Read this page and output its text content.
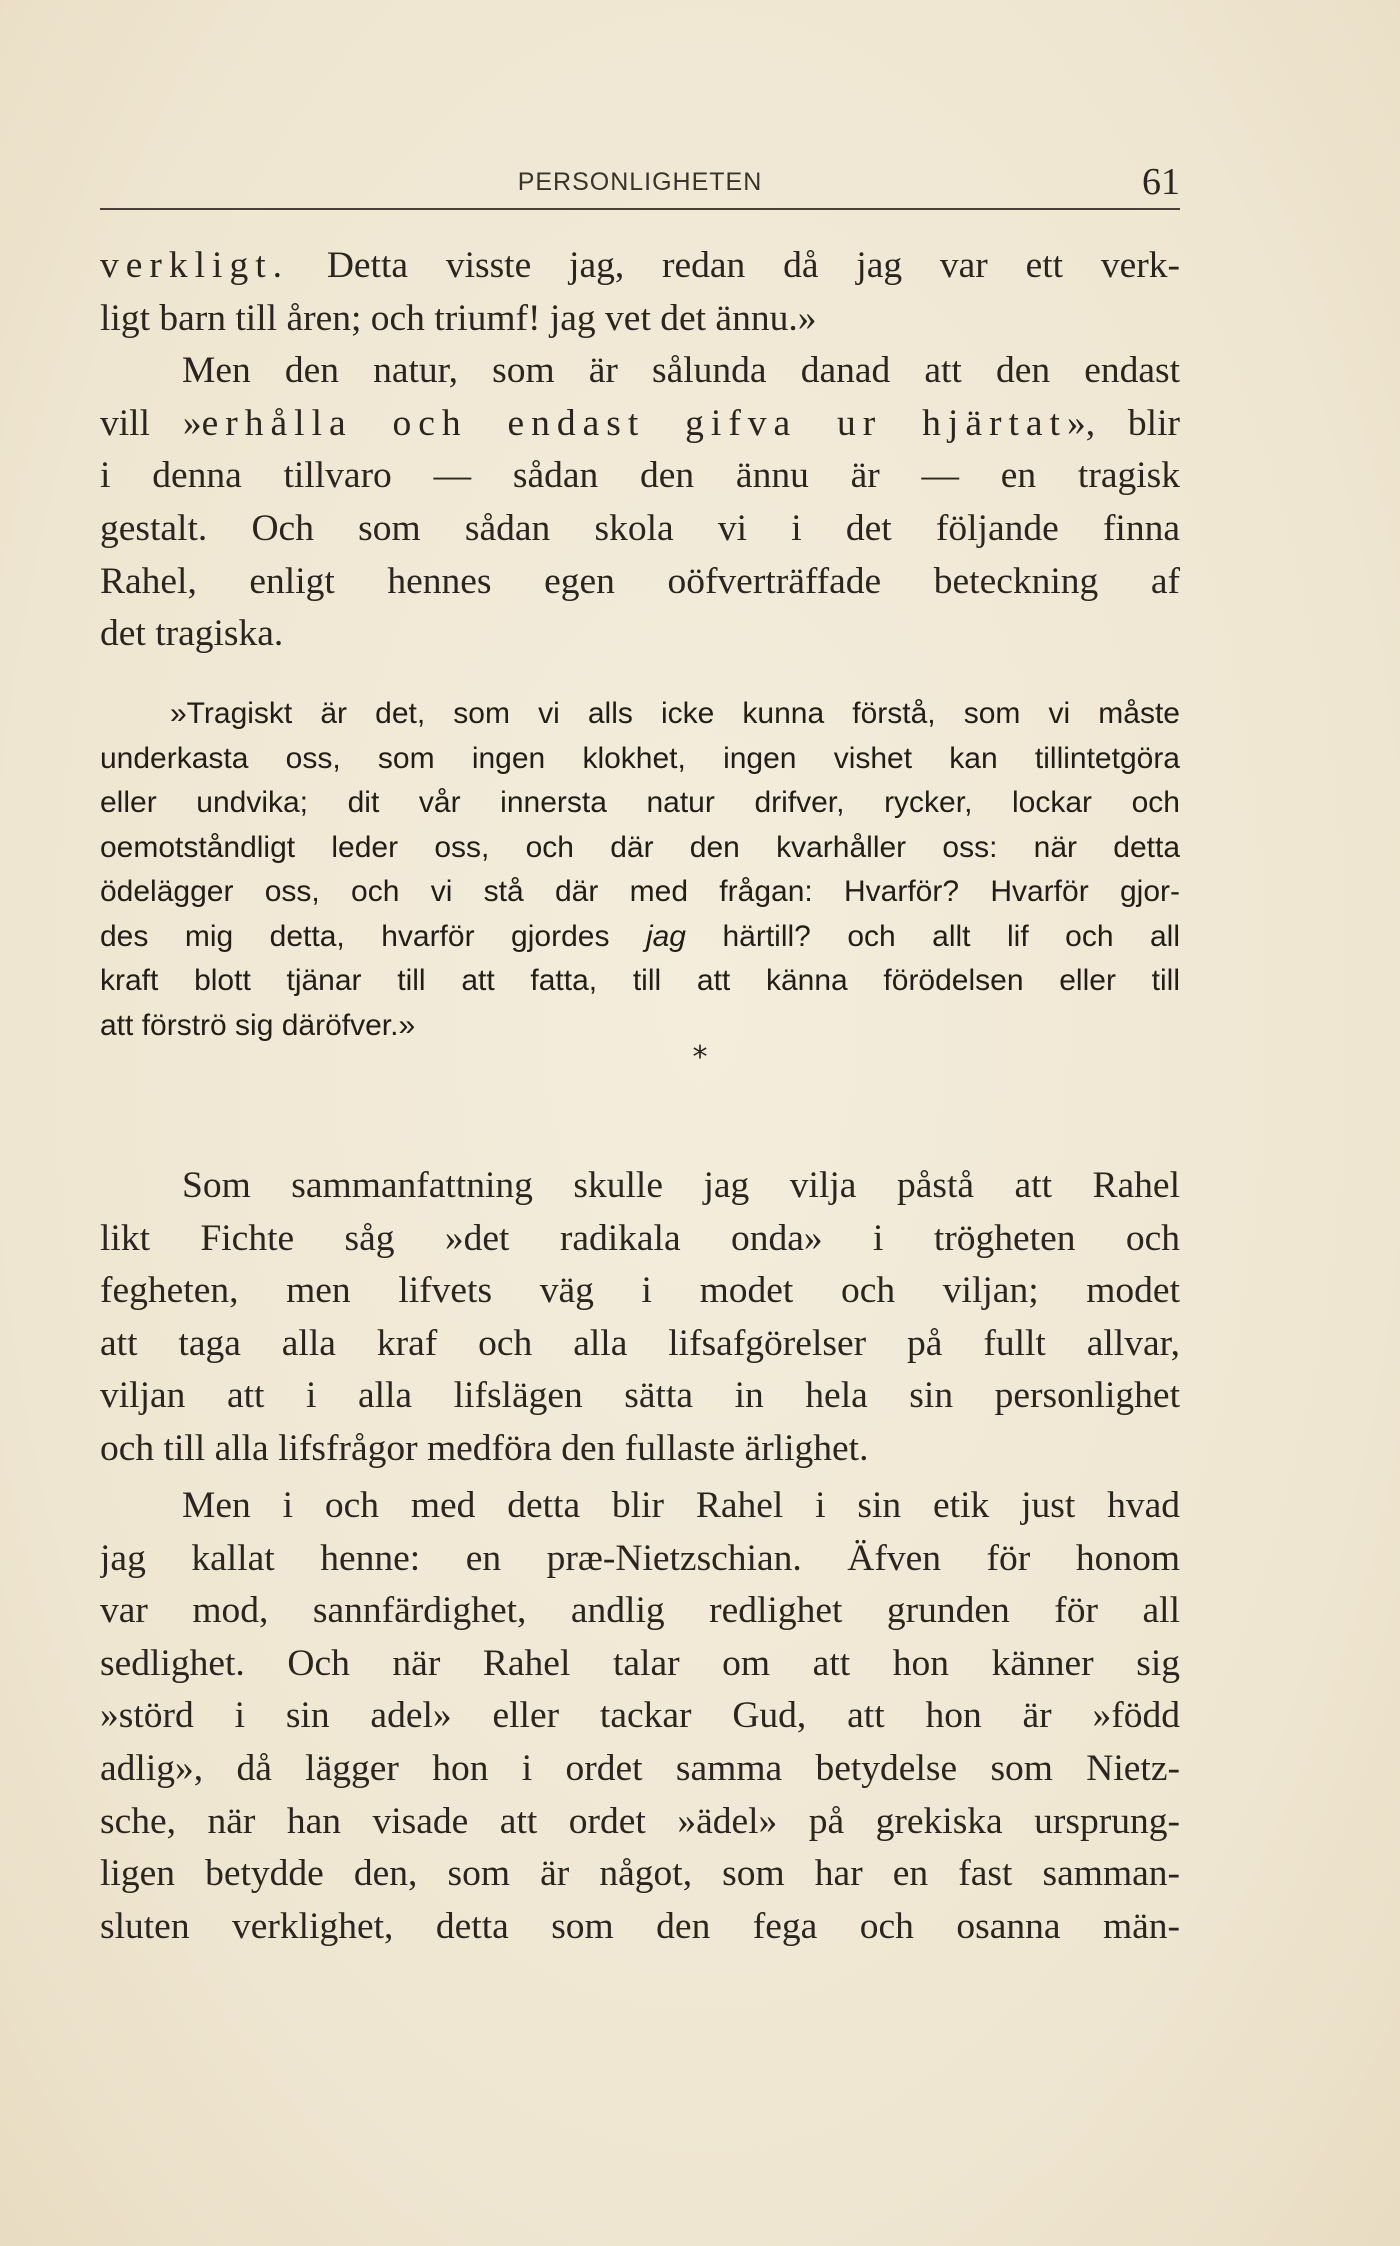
PERSONLIGHETEN	61
verkligt. Detta visste jag, redan då jag var ett verk-
ligt barn till åren; och triumf! jag vet det ännu.»
Men den natur, som är sålunda danad att den endast
vill »erhålla och endast gifva ur hjärtat», blir
i denna tillvaro — sådan den ännu är — en tragisk
gestalt. Och som sådan skola vi i det följande finna
Rahel, enligt hennes egen oöfverträffade beteckning af
det tragiska.
»Tragiskt är det, som vi alls icke kunna förstå, som vi måste
underkasta oss, som ingen klokhet, ingen vishet kan tillintetgöra
eller undvika; dit vår innersta natur drifver, rycker, lockar och
oemotståndligt leder oss, och där den kvarhåller oss: när detta
ödelägger oss, och vi stå där med frågan: Hvarför? Hvarför gjor-
des mig detta, hvarför gjordes jag härtill? och allt lif och all
kraft blott tjänar till att fatta, till att känna förödelsen eller till
att förströ sig däröfver.»
*
Som sammanfattning skulle jag vilja påstå att Rahel
likt Fichte såg »det radikala onda» i trögheten och
fegheten, men lifvets väg i modet och viljan; modet
att taga alla kraf och alla lifsafgörelser på fullt allvar,
viljan att i alla lifslägen sätta in hela sin personlighet
och till alla lifsfrågor medföra den fullaste ärlighet.
Men i och med detta blir Rahel i sin etik just hvad
jag kallat henne: en præ-Nietzschian. Äfven för honom
var mod, sannfärdighet, andlig redlighet grunden för all
sedlighet. Och när Rahel talar om att hon känner sig
»störd i sin adel» eller tackar Gud, att hon är »född
adlig», då lägger hon i ordet samma betydelse som Nietz-
sche, när han visade att ordet »ädel» på grekiska ursprung-
ligen betydde den, som är något, som har en fast samman-
sluten verklighet, detta som den fega och osanna män-
